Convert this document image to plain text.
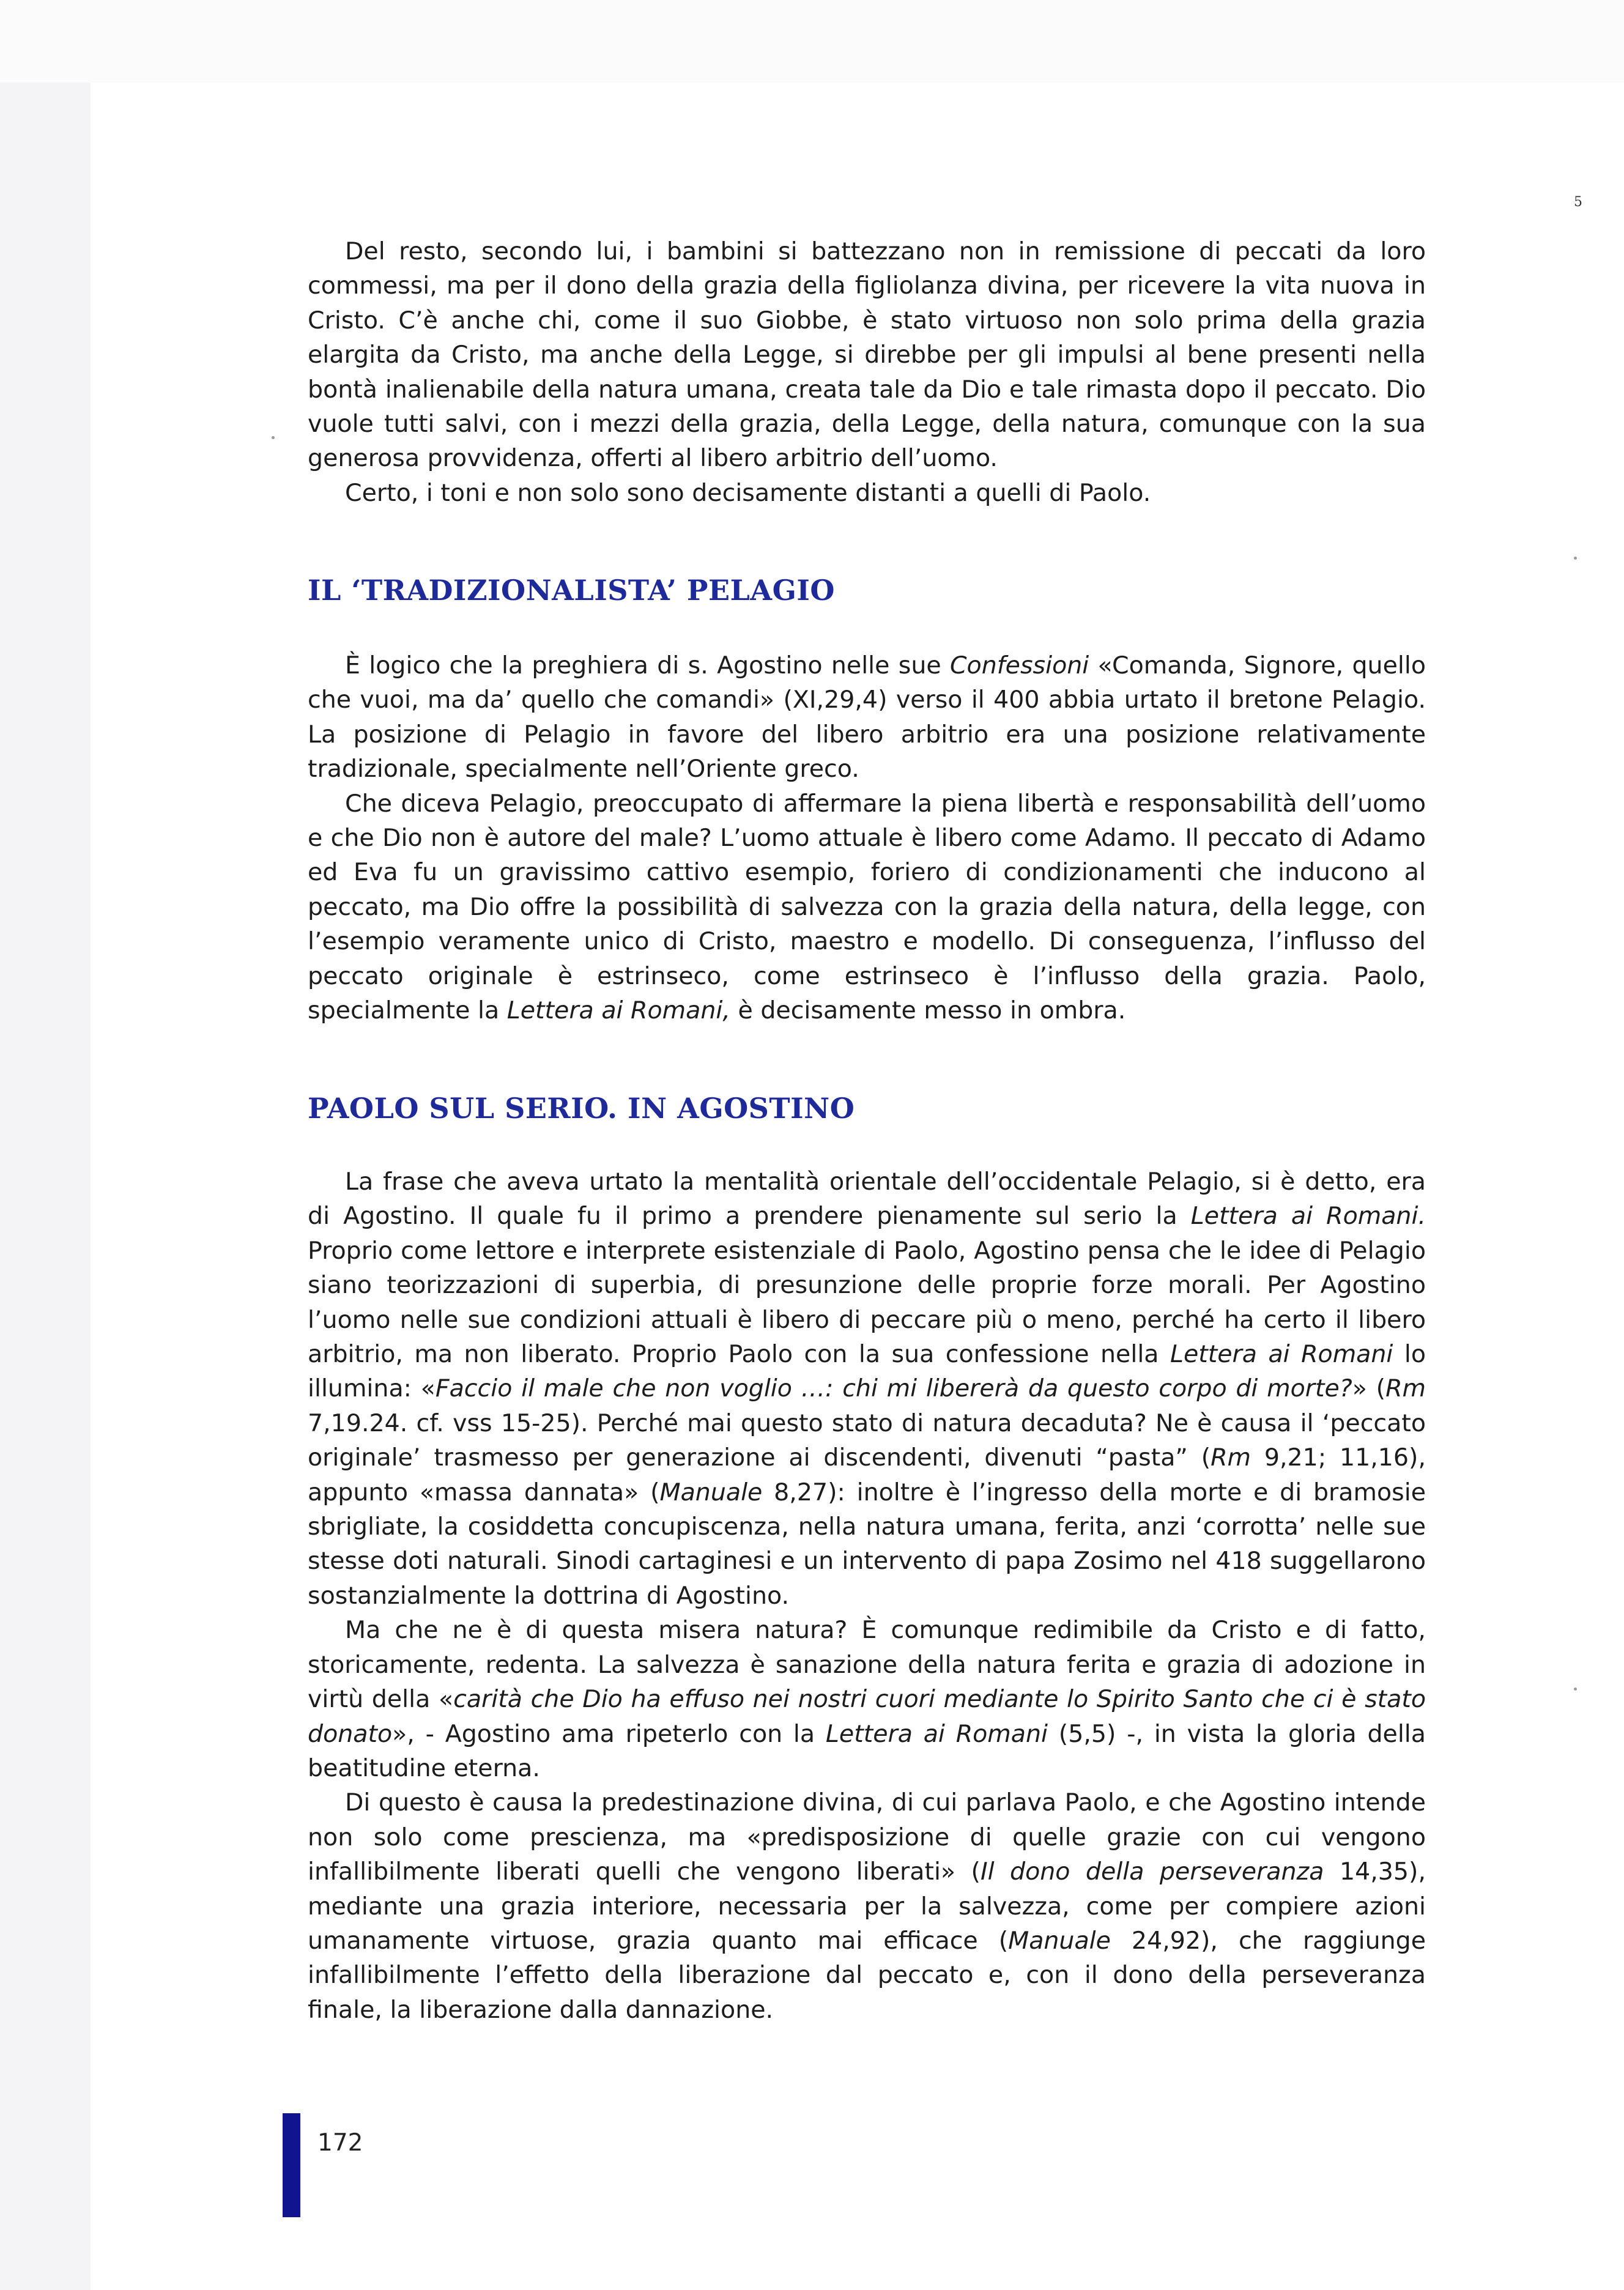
5

Del resto, secondo lui, i bambini si battezzano non in remissione di peccati da loro commessi, ma per il dono della grazia della figliolanza divina, per ricevere la vita nuova in Cristo. C’è anche chi, come il suo Giobbe, è stato virtuoso non solo prima della grazia elargita da Cristo, ma anche della Legge, si direbbe per gli impulsi al bene presenti nella bontà inalienabile della natura umana, creata tale da Dio e tale rimasta dopo il peccato. Dio vuole tutti salvi, con i mezzi della grazia, della Legge, della natura, comunque con la sua generosa provvidenza, offerti al libero arbitrio dell’uomo.

Certo, i toni e non solo sono decisamente distanti a quelli di Paolo.

IL ‘TRADIZIONALISTA’ PELAGIO

È logico che la preghiera di s. Agostino nelle sue Confessioni «Comanda, Signore, quello che vuoi, ma da’ quello che comandi» (XI,29,4) verso il 400 abbia urtato il bretone Pelagio. La posizione di Pelagio in favore del libero arbitrio era una posizione relativamente tradizionale, specialmente nell’Oriente greco.

Che diceva Pelagio, preoccupato di affermare la piena libertà e responsabilità dell’uomo e che Dio non è autore del male? L’uomo attuale è libero come Adamo. Il peccato di Adamo ed Eva fu un gravissimo cattivo esempio, foriero di condizionamenti che inducono al peccato, ma Dio offre la possibilità di salvezza con la grazia della natura, della legge, con l’esempio veramente unico di Cristo, maestro e modello. Di conseguenza, l’influsso del peccato originale è estrinseco, come estrinseco è l’influsso della grazia. Paolo, specialmente la Lettera ai Romani, è decisamente messo in ombra.

PAOLO SUL SERIO. IN AGOSTINO

La frase che aveva urtato la mentalità orientale dell’occidentale Pelagio, si è detto, era di Agostino. Il quale fu il primo a prendere pienamente sul serio la Lettera ai Romani. Proprio come lettore e interprete esistenziale di Paolo, Agostino pensa che le idee di Pelagio siano teorizzazioni di superbia, di presunzione delle proprie forze morali. Per Agostino l’uomo nelle sue condizioni attuali è libero di peccare più o meno, perché ha certo il libero arbitrio, ma non liberato. Proprio Paolo con la sua confessione nella Lettera ai Romani lo illumina: «Faccio il male che non voglio …: chi mi libererà da questo corpo di morte?» (Rm 7,19.24. cf. vss 15-25). Perché mai questo stato di natura decaduta? Ne è causa il ‘peccato originale’ trasmesso per generazione ai discendenti, divenuti “pasta” (Rm 9,21; 11,16), appunto «massa dannata» (Manuale 8,27): inoltre è l’ingresso della morte e di bramosie sbrigliate, la cosiddetta concupiscenza, nella natura umana, ferita, anzi ‘corrotta’ nelle sue stesse doti naturali. Sinodi cartaginesi e un intervento di papa Zosimo nel 418 suggellarono sostanzialmente la dottrina di Agostino.

Ma che ne è di questa misera natura? È comunque redimibile da Cristo e di fatto, storicamente, redenta. La salvezza è sanazione della natura ferita e grazia di adozione in virtù della «carità che Dio ha effuso nei nostri cuori mediante lo Spirito Santo che ci è stato donato», - Agostino ama ripeterlo con la Lettera ai Romani (5,5) -, in vista la gloria della beatitudine eterna.

Di questo è causa la predestinazione divina, di cui parlava Paolo, e che Agostino intende non solo come prescienza, ma «predisposizione di quelle grazie con cui vengono infallibilmente liberati quelli che vengono liberati» (Il dono della perseveranza 14,35), mediante una grazia interiore, necessaria per la salvezza, come per compiere azioni umanamente virtuose, grazia quanto mai efficace (Manuale 24,92), che raggiunge infallibilmente l’effetto della liberazione dal peccato e, con il dono della perseveranza finale, la liberazione dalla dannazione.

172
